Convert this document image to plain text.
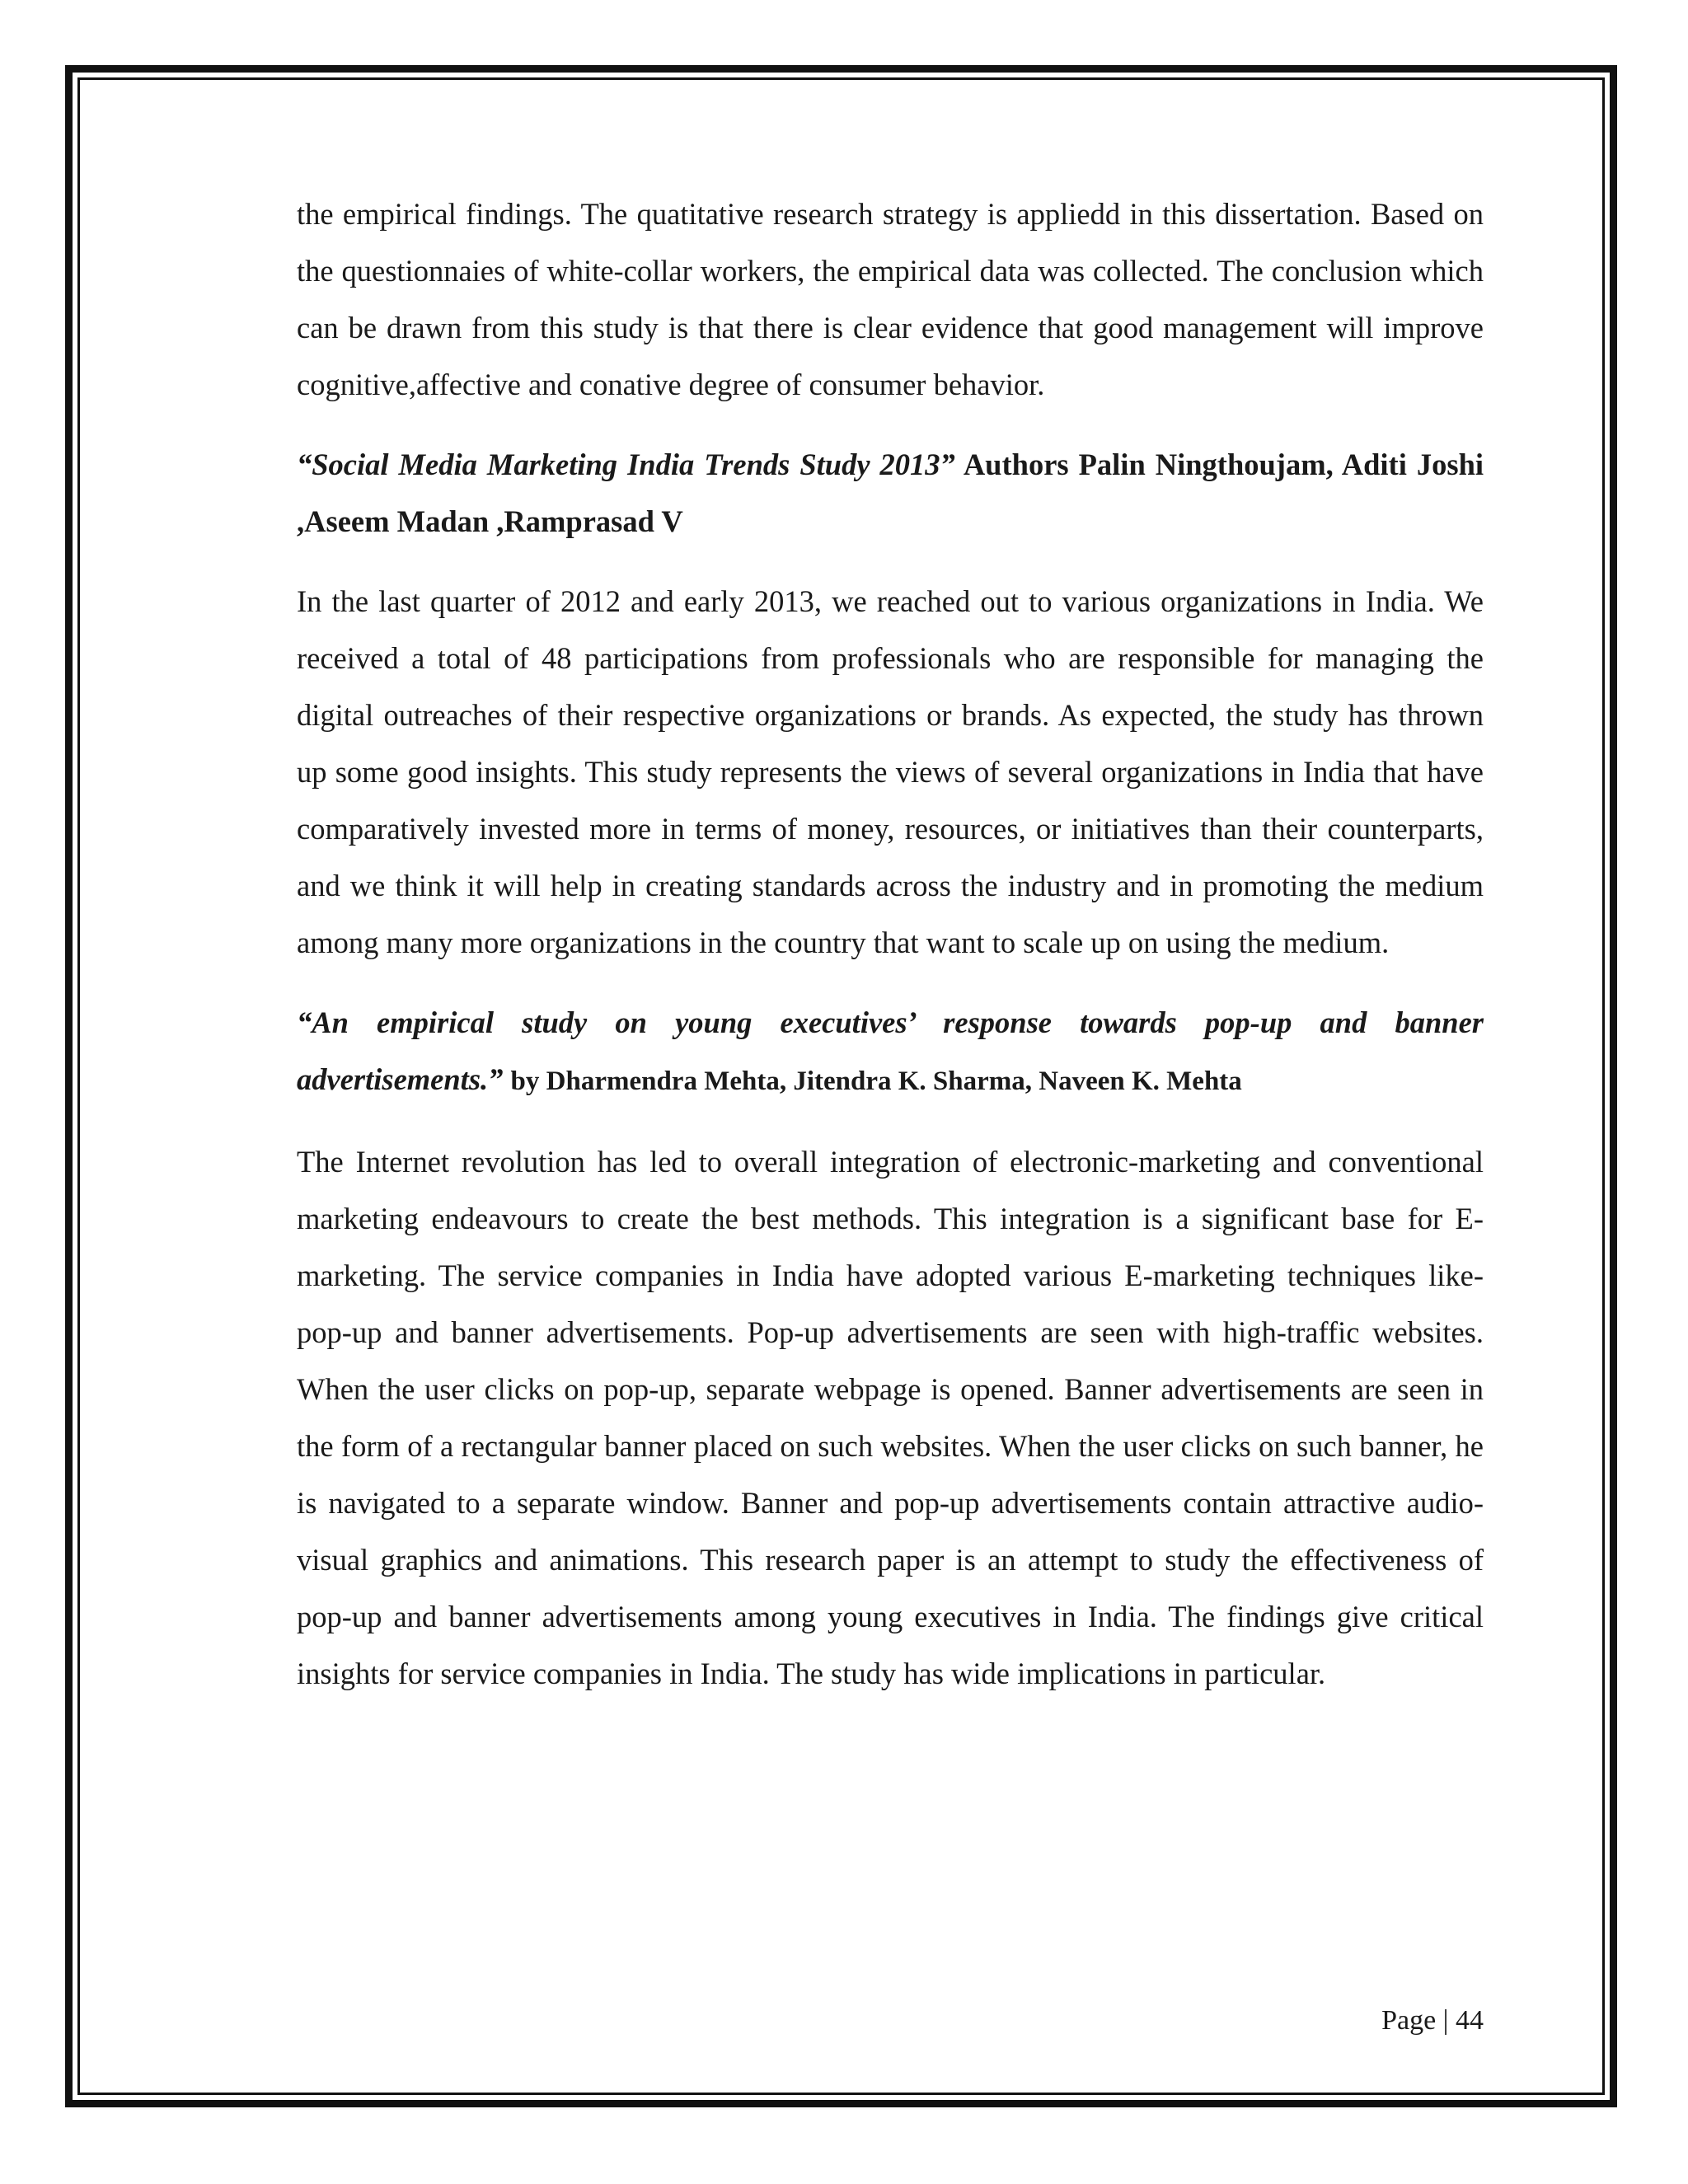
the empirical findings. The quatitative research strategy is appliedd in this dissertation. Based on the questionnaies of white-collar workers, the empirical data was collected. The conclusion which can be drawn from this study is that there is clear evidence that good management will improve cognitive,affective and conative degree of consumer behavior.

“Social Media Marketing India Trends Study 2013” Authors Palin Ningthoujam, Aditi Joshi ,Aseem Madan ,Ramprasad V

In the last quarter of 2012 and early 2013, we reached out to various organizations in India. We received a total of 48 participations from professionals who are responsible for managing the digital outreaches of their respective organizations or brands. As expected, the study has thrown up some good insights. This study represents the views of several organizations in India that have comparatively invested more in terms of money, resources, or initiatives than their counterparts, and we think it will help in creating standards across the industry and in promoting the medium among many more organizations in the country that want to scale up on using the medium.

“An empirical study on young executives’ response towards pop-up and banner advertisements.” by Dharmendra Mehta, Jitendra K. Sharma, Naveen K. Mehta

The Internet revolution has led to overall integration of electronic-marketing and conventional marketing endeavours to create the best methods. This integration is a significant base for E-marketing. The service companies in India have adopted various E-marketing techniques like- pop-up and banner advertisements. Pop-up advertisements are seen with high-traffic websites. When the user clicks on pop-up, separate webpage is opened. Banner advertisements are seen in the form of a rectangular banner placed on such websites. When the user clicks on such banner, he is navigated to a separate window. Banner and pop-up advertisements contain attractive audio-visual graphics and animations. This research paper is an attempt to study the effectiveness of pop-up and banner advertisements among young executives in India. The findings give critical insights for service companies in India. The study has wide implications in particular.

Page | 44
